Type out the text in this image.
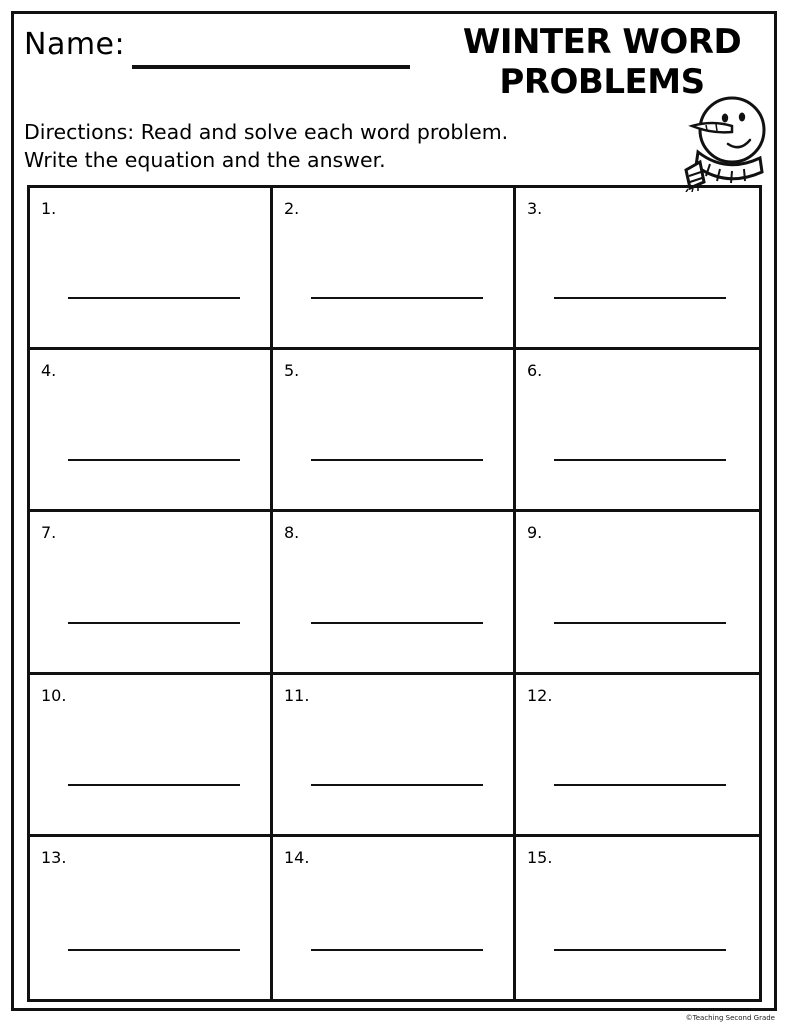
Name:	WINTER WORD
PROBLEMS
Directions: Read and solve each word problem.
Write the equation and the answer.
1.	2.	3.
4.	5.	6.
7.	8.	9.
10.	11.	12.
13.	14.	15.
©Teaching Second Grade
